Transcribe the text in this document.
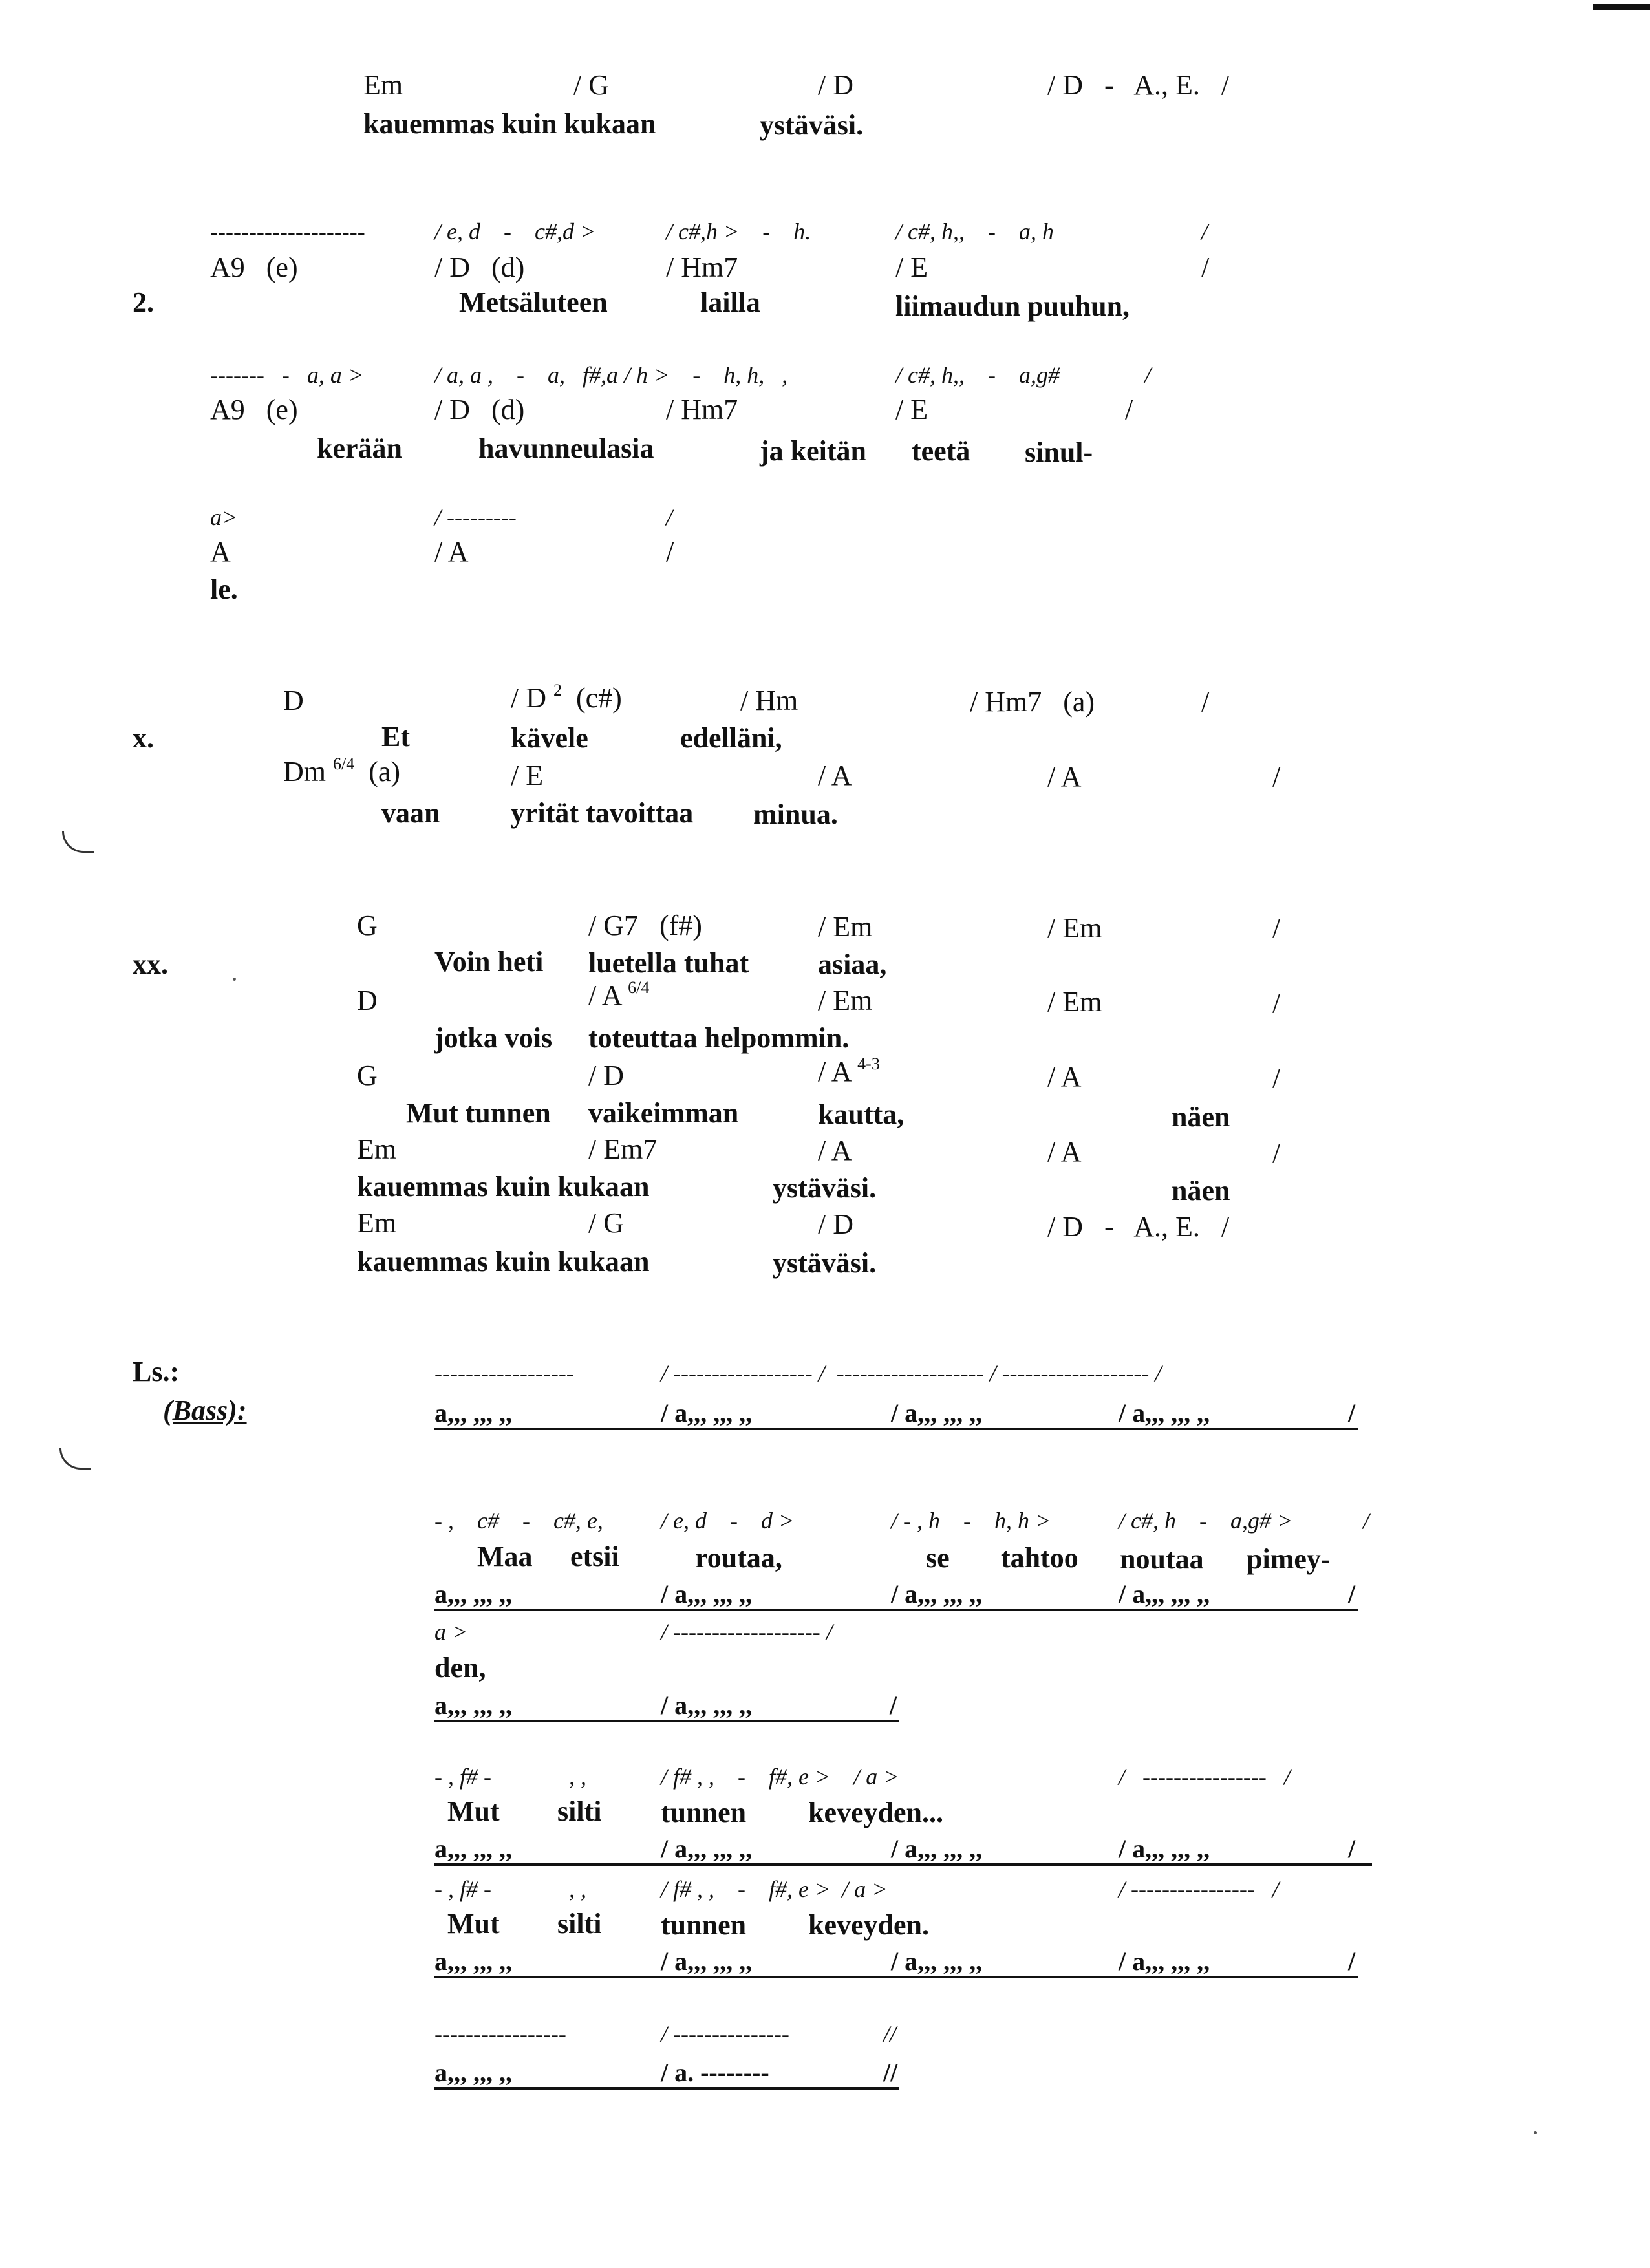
Em	/ G	/ D	/ D   -   A., E.   /
kauemmas kuin kukaan	ystäväsi.
--------------------	/ e, d    -    c#,d >	/ c#,h >    -    h.	/ c#, h,,    -    a, h	/
A9   (e)	/ D   (d)	/ Hm7	/ E	/
2.	Metsäluteen	lailla	liimaudun puuhun,
-------   -   a, a >	/ a, a ,    -    a,   f#,a / h >    -    h, h,   ,	/ c#, h,,    -    a,g#	/
A9   (e)	/ D   (d)	/ Hm7	/ E	/
kerään	havunneulasia	ja keitän teetä sinul-
a>	/ ---------	/
A	/ A	/
le.
D	/ D $^2$  (c#)	/ Hm	/ Hm7   (a)	/
x.	Et	kävele	edelläni,
Dm $^{6/4}$  (a)	/ E	/ A	/ A	/
vaan yrität tavoittaa minua.
G	/ G7   (f#)	/ Em	/ Em	/
xx.	Voin heti luetella tuhat asiaa,
D	/ A $^{6/4}$	/ Em	/ Em	/
jotka vois toteuttaa helpommin.
G	/ D	/ A $^{4-3}$	/ A	/
Mut tunnen vaikeimman	kautta,	näen
Em	/ Em7	/ A	/ A	/
kauemmas kuin kukaan	ystäväsi.	näen
Em	/ G	/ D	/ D   -   A., E.   /
kauemmas kuin kukaan	ystäväsi.
Ls.:	------------------	/ ------------------ /  ------------------- / ------------------- /
(Bass):	a,,, ,,, ,,	/ a,,, ,,, ,,	/ a,,, ,,, ,,	/ a,,, ,,, ,,	/
- ,    c#    -    c#, e, / e, d    -    d >	/ - , h    -    h, h >	/ c#, h    -    a,g# >	/
Maa etsii	routaa,	se tahtoo noutaa pimey-
a,,, ,,, ,,	/ a,,, ,,, ,,	/ a,,, ,,, ,,	/ a,,, ,,, ,,	/
a >	/ ------------------- /
den,
a,,, ,,, ,,	/ a,,, ,,, ,,	/
- , f# -	, ,	/ f# , ,    -    f#, e >    / a >	/   ----------------   /
Mut silti tunnen keveyden...
a,,, ,,, ,,	/ a,,, ,,, ,,	/ a,,, ,,, ,,	/ a,,, ,,, ,,	/
- , f# -	, ,	/ f# , ,    -    f#, e >  / a >	/ ----------------   /
Mut silti tunnen keveyden.
a,,, ,,, ,,	/ a,,, ,,, ,,	/ a,,, ,,, ,,	/ a,,, ,,, ,,	/
-----------------	/ ---------------	//
a,,, ,,, ,,	/ a. --------	//
